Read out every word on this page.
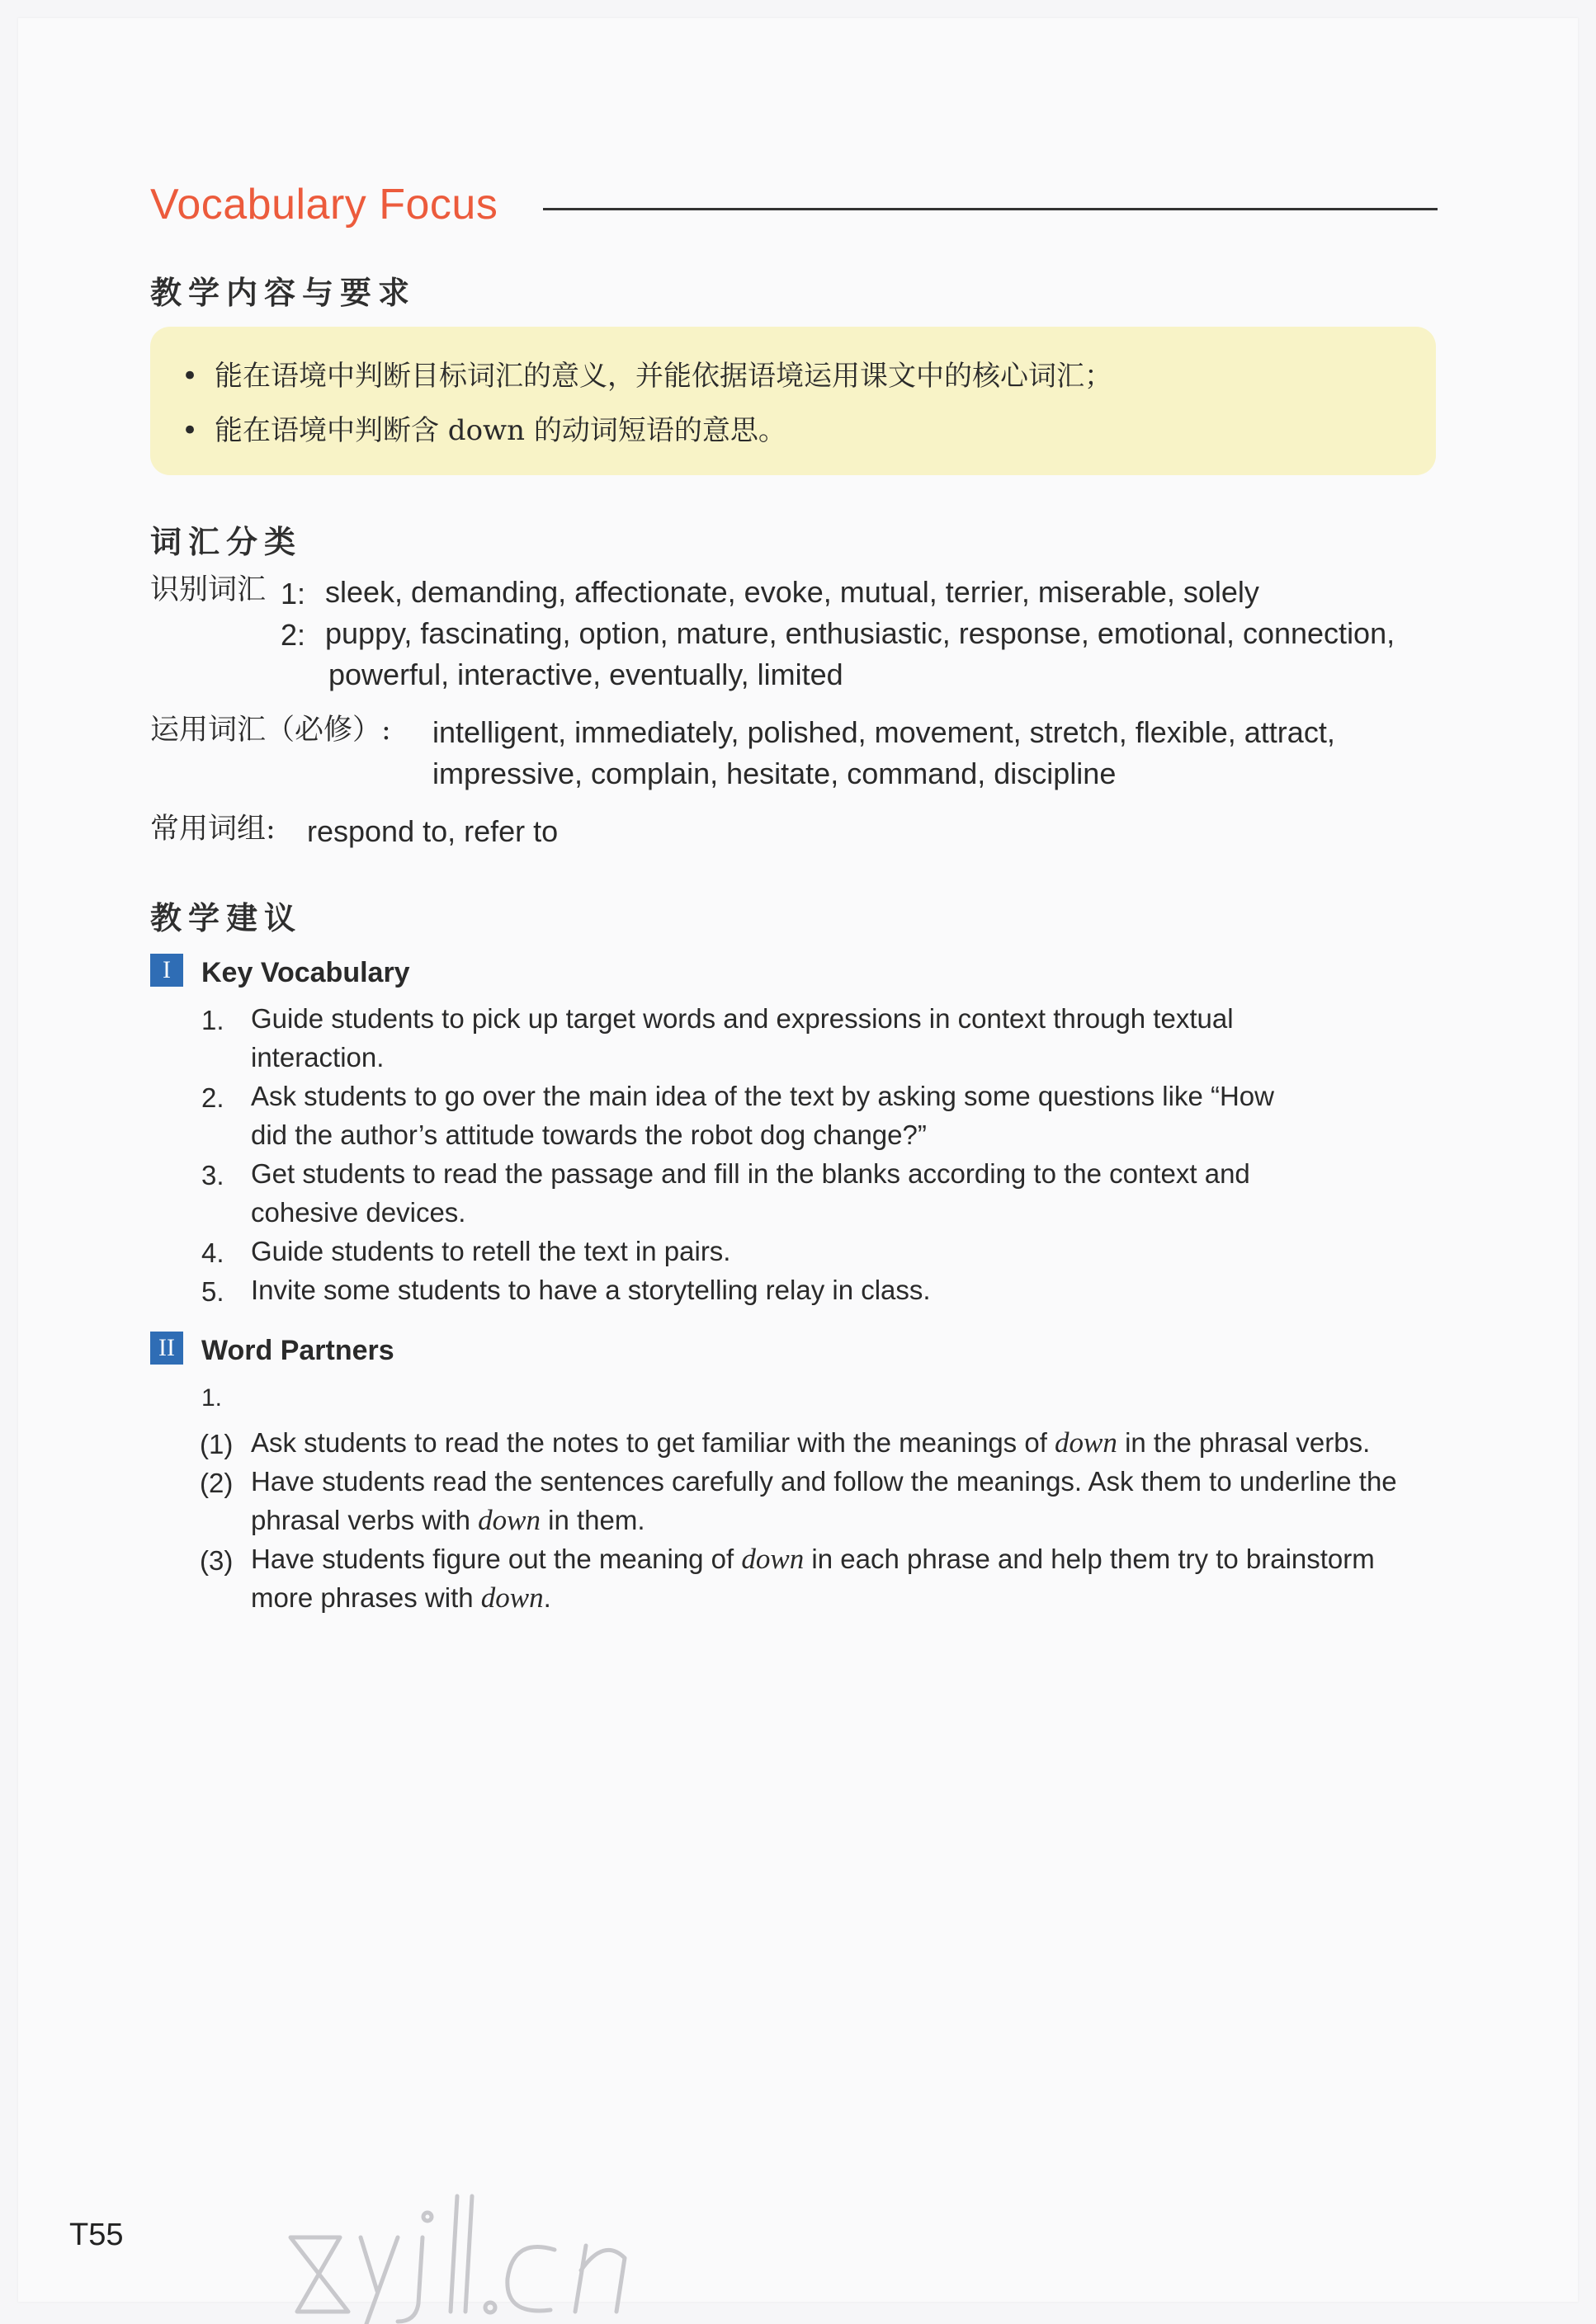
Vocabulary Focus
教学内容与要求
• 能在语境中判断目标词汇的意义，并能依据语境运用课文中的核心词汇；
• 能在语境中判断含 down 的动词短语的意思。
词汇分类
识别词汇 1: sleek, demanding, affectionate, evoke, mutual, terrier, miserable, solely
2: puppy, fascinating, option, mature, enthusiastic, response, emotional, connection,
powerful, interactive, eventually, limited
运用词汇（必修）: intelligent, immediately, polished, movement, stretch, flexible, attract,
impressive, complain, hesitate, command, discipline
常用词组: respond to, refer to
教学建议
I	Key Vocabulary
1. Guide students to pick up target words and expressions in context through textual
interaction.
2. Ask students to go over the main idea of the text by asking some questions like “How
did the author’s attitude towards the robot dog change?”
3. Get students to read the passage and fill in the blanks according to the context and
cohesive devices.
4. Guide students to retell the text in pairs.
5. Invite some students to have a storytelling relay in class.
II Word Partners
1.
(1) Ask students to read the notes to get familiar with the meanings of down in the phrasal verbs.
(2) Have students read the sentences carefully and follow the meanings. Ask them to underline the
phrasal verbs with down in them.
(3) Have students figure out the meaning of down in each phrase and help them try to brainstorm
more phrases with down.
T55
